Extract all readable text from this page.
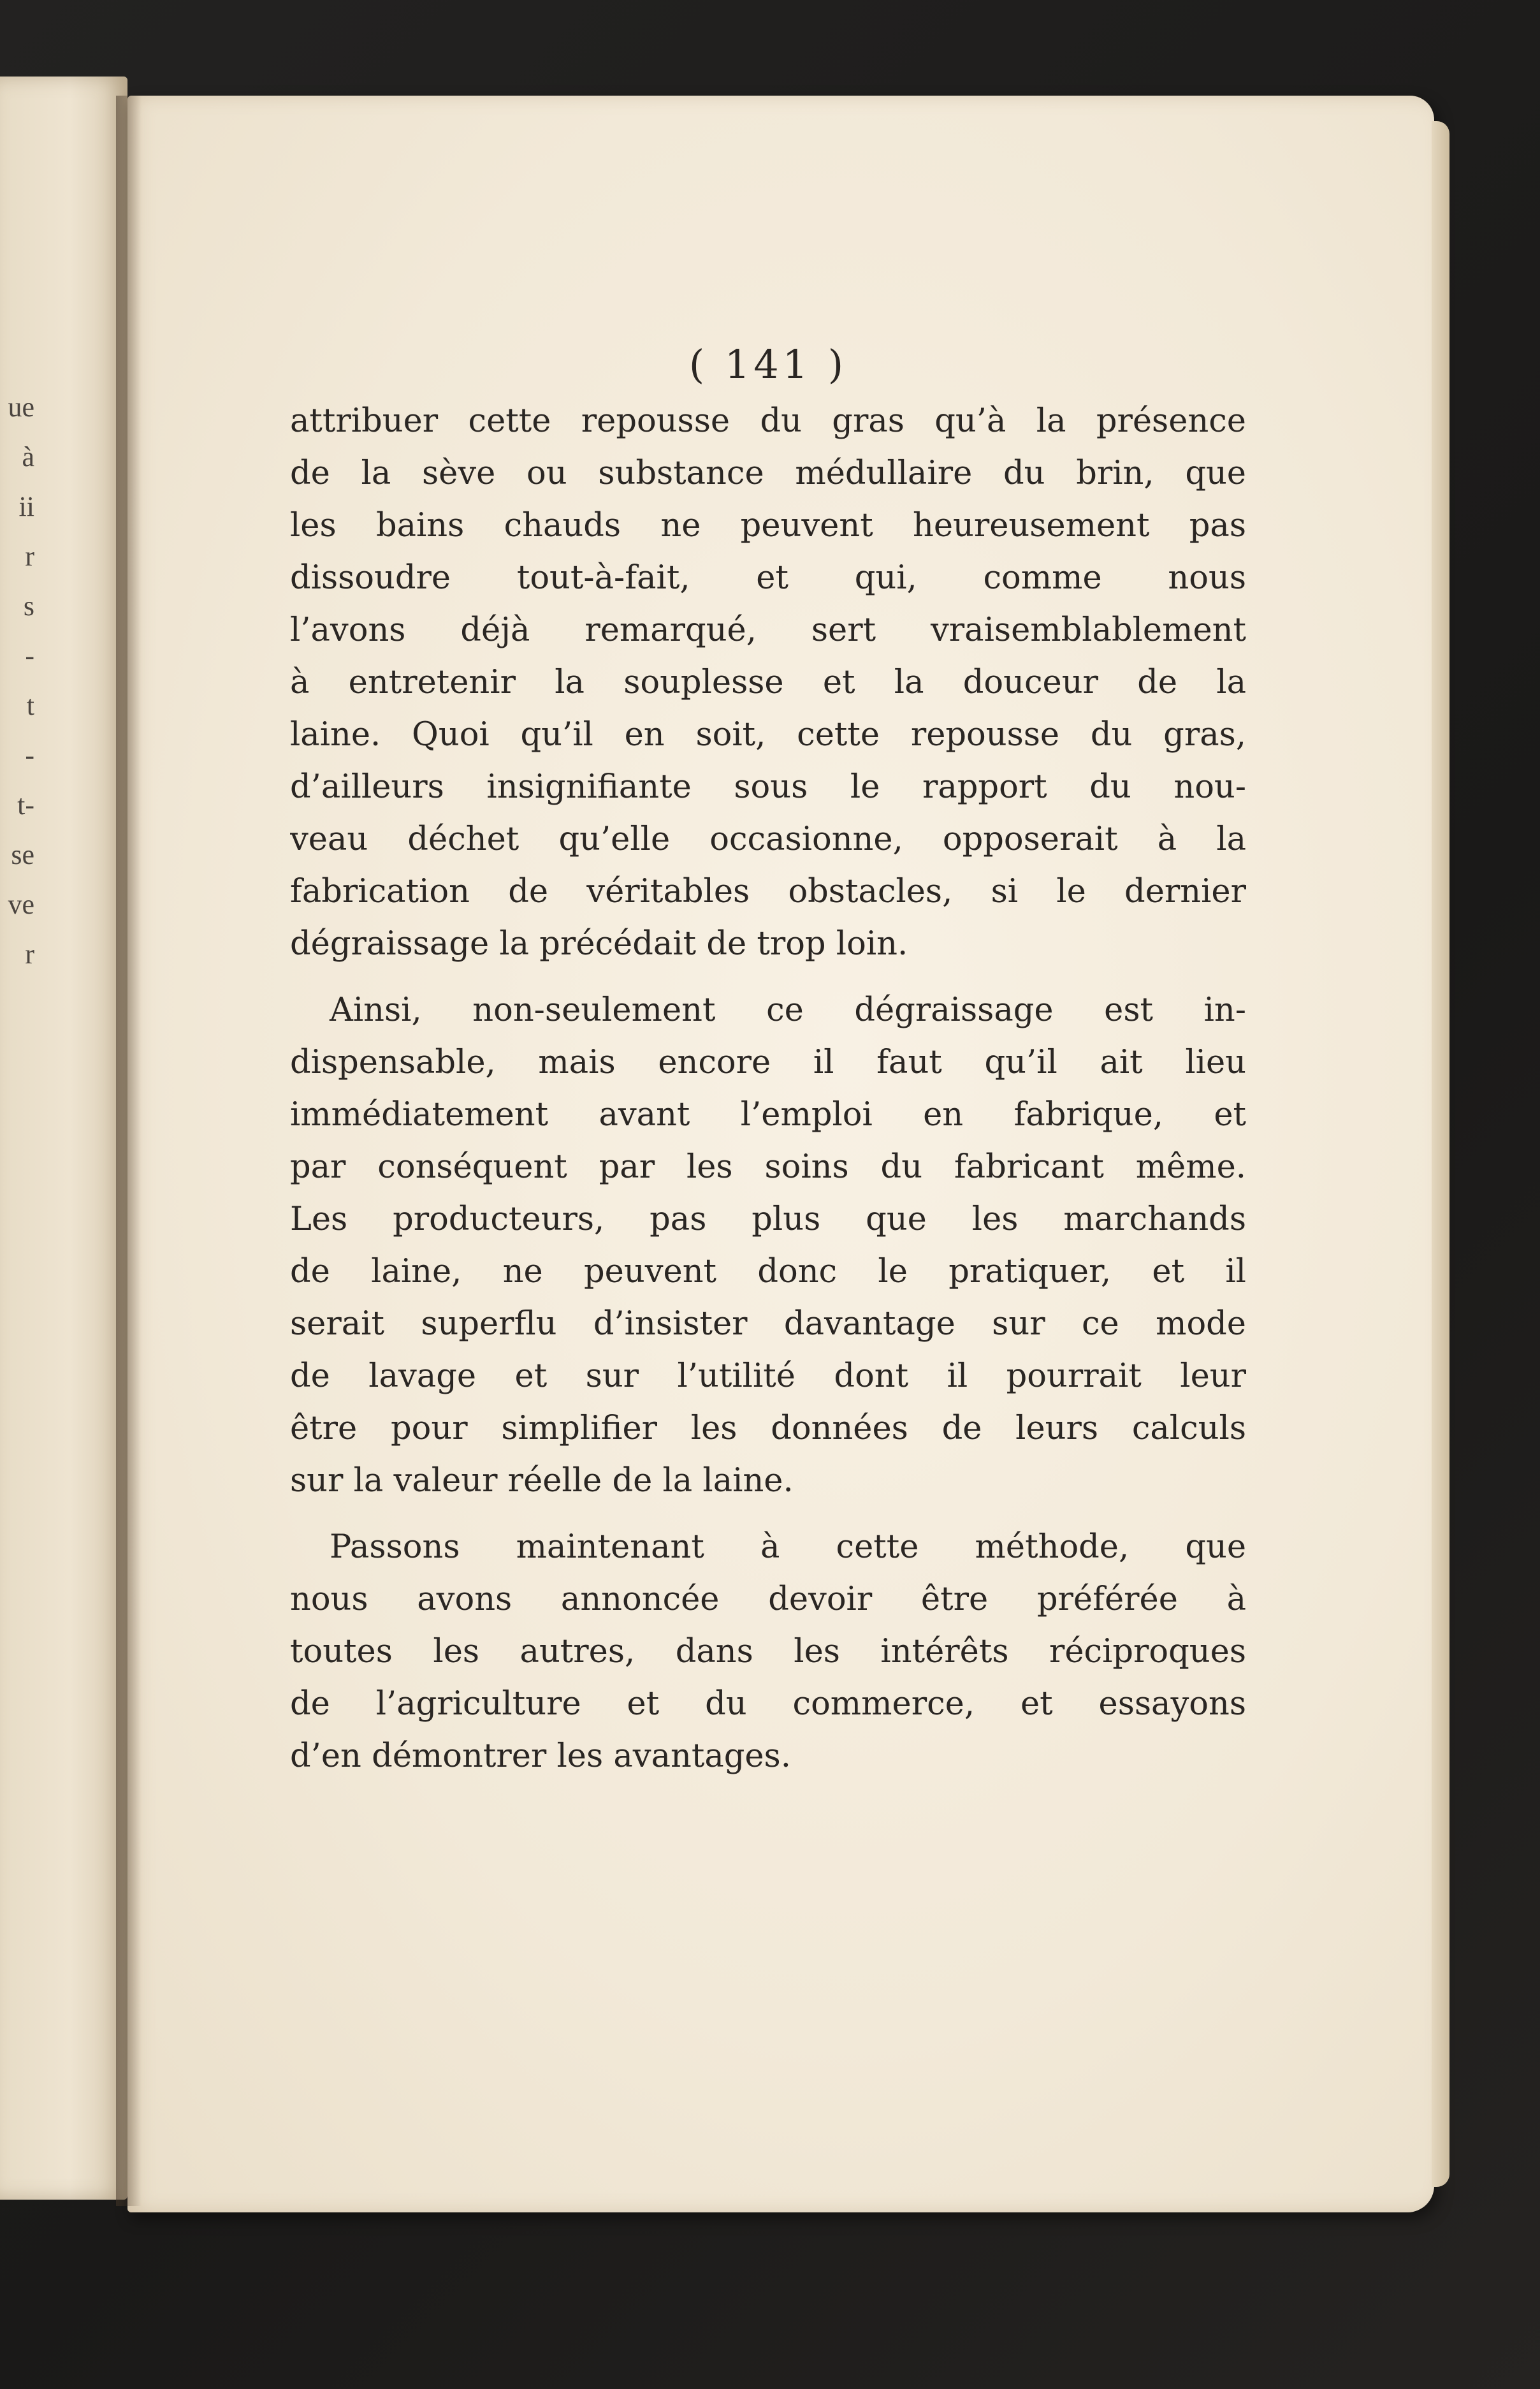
ue
à
ii
r
s
-
t
-
t-
se
ve
r
( 141 )
attribuer cette repousse du gras qu’à la présence
de la sève ou substance médullaire du brin, que
les bains chauds ne peuvent heureusement pas
dissoudre tout-à-fait, et qui, comme nous
l’avons déjà remarqué, sert vraisemblablement
à entretenir la souplesse et la douceur de la
laine. Quoi qu’il en soit, cette repousse du gras,
d’ailleurs insignifiante sous le rapport du nou-
veau déchet qu’elle occasionne, opposerait à la
fabrication de véritables obstacles, si le dernier
dégraissage la précédait de trop loin.
Ainsi, non-seulement ce dégraissage est in-
dispensable, mais encore il faut qu’il ait lieu
immédiatement avant l’emploi en fabrique, et
par conséquent par les soins du fabricant même.
Les producteurs, pas plus que les marchands
de laine, ne peuvent donc le pratiquer, et il
serait superflu d’insister davantage sur ce mode
de lavage et sur l’utilité dont il pourrait leur
être pour simplifier les données de leurs calculs
sur la valeur réelle de la laine.
Passons maintenant à cette méthode, que
nous avons annoncée devoir être préférée à
toutes les autres, dans les intérêts réciproques
de l’agriculture et du commerce, et essayons
d’en démontrer les avantages.
